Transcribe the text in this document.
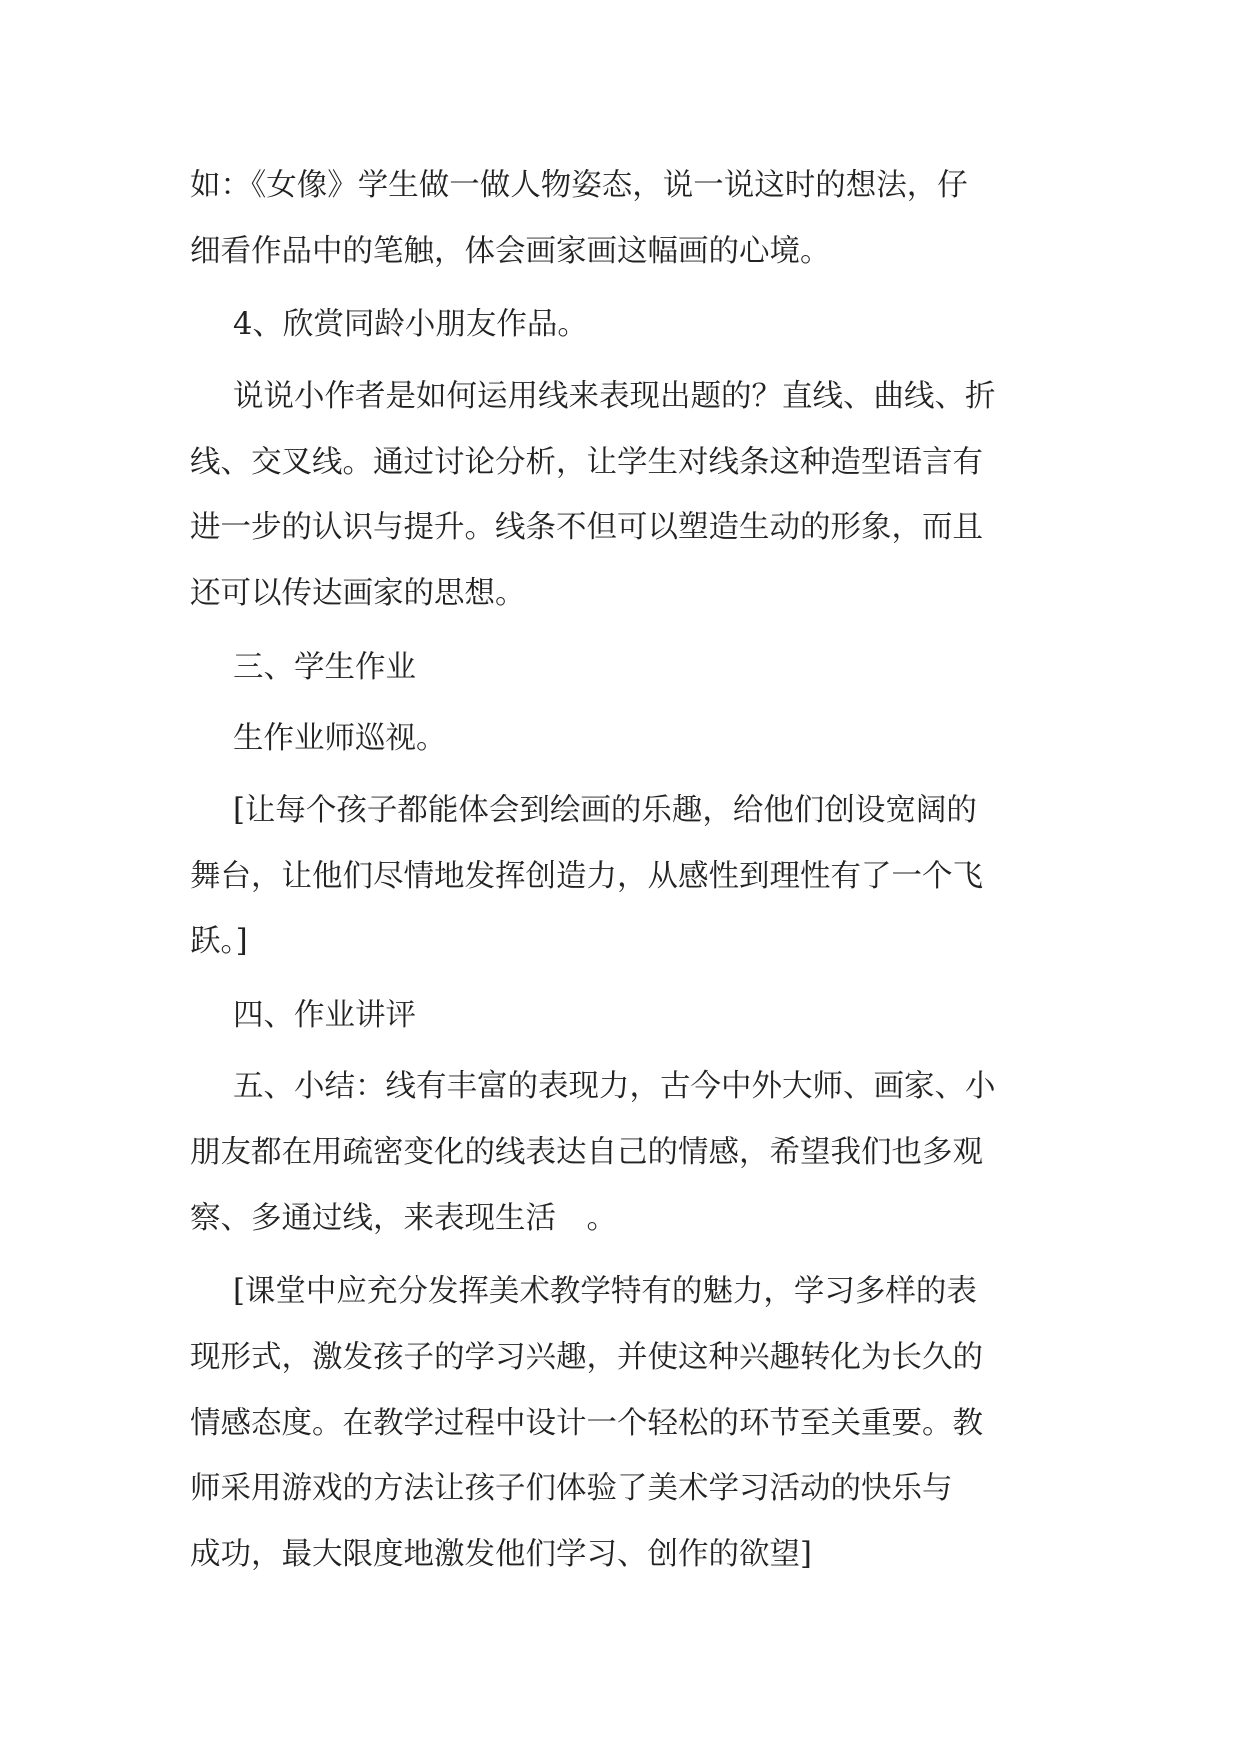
如：《女像》学生做一做人物姿态，说一说这时的想法，仔
细看作品中的笔触，体会画家画这幅画的心境。
4、欣赏同龄小朋友作品。
说说小作者是如何运用线来表现出题的？直线、曲线、折
线、交叉线。通过讨论分析，让学生对线条这种造型语言有
进一步的认识与提升。线条不但可以塑造生动的形象，而且
还可以传达画家的思想。
三、学生作业
生作业师巡视。
[让每个孩子都能体会到绘画的乐趣，给他们创设宽阔的
舞台，让他们尽情地发挥创造力，从感性到理性有了一个飞
跃。]
四、作业讲评
五、小结：线有丰富的表现力，古今中外大师、画家、小
朋友都在用疏密变化的线表达自己的情感，希望我们也多观
察、多通过线，来表现生活　。
[课堂中应充分发挥美术教学特有的魅力，学习多样的表
现形式，激发孩子的学习兴趣，并使这种兴趣转化为长久的
情感态度。在教学过程中设计一个轻松的环节至关重要。教
师采用游戏的方法让孩子们体验了美术学习活动的快乐与
成功，最大限度地激发他们学习、创作的欲望]
